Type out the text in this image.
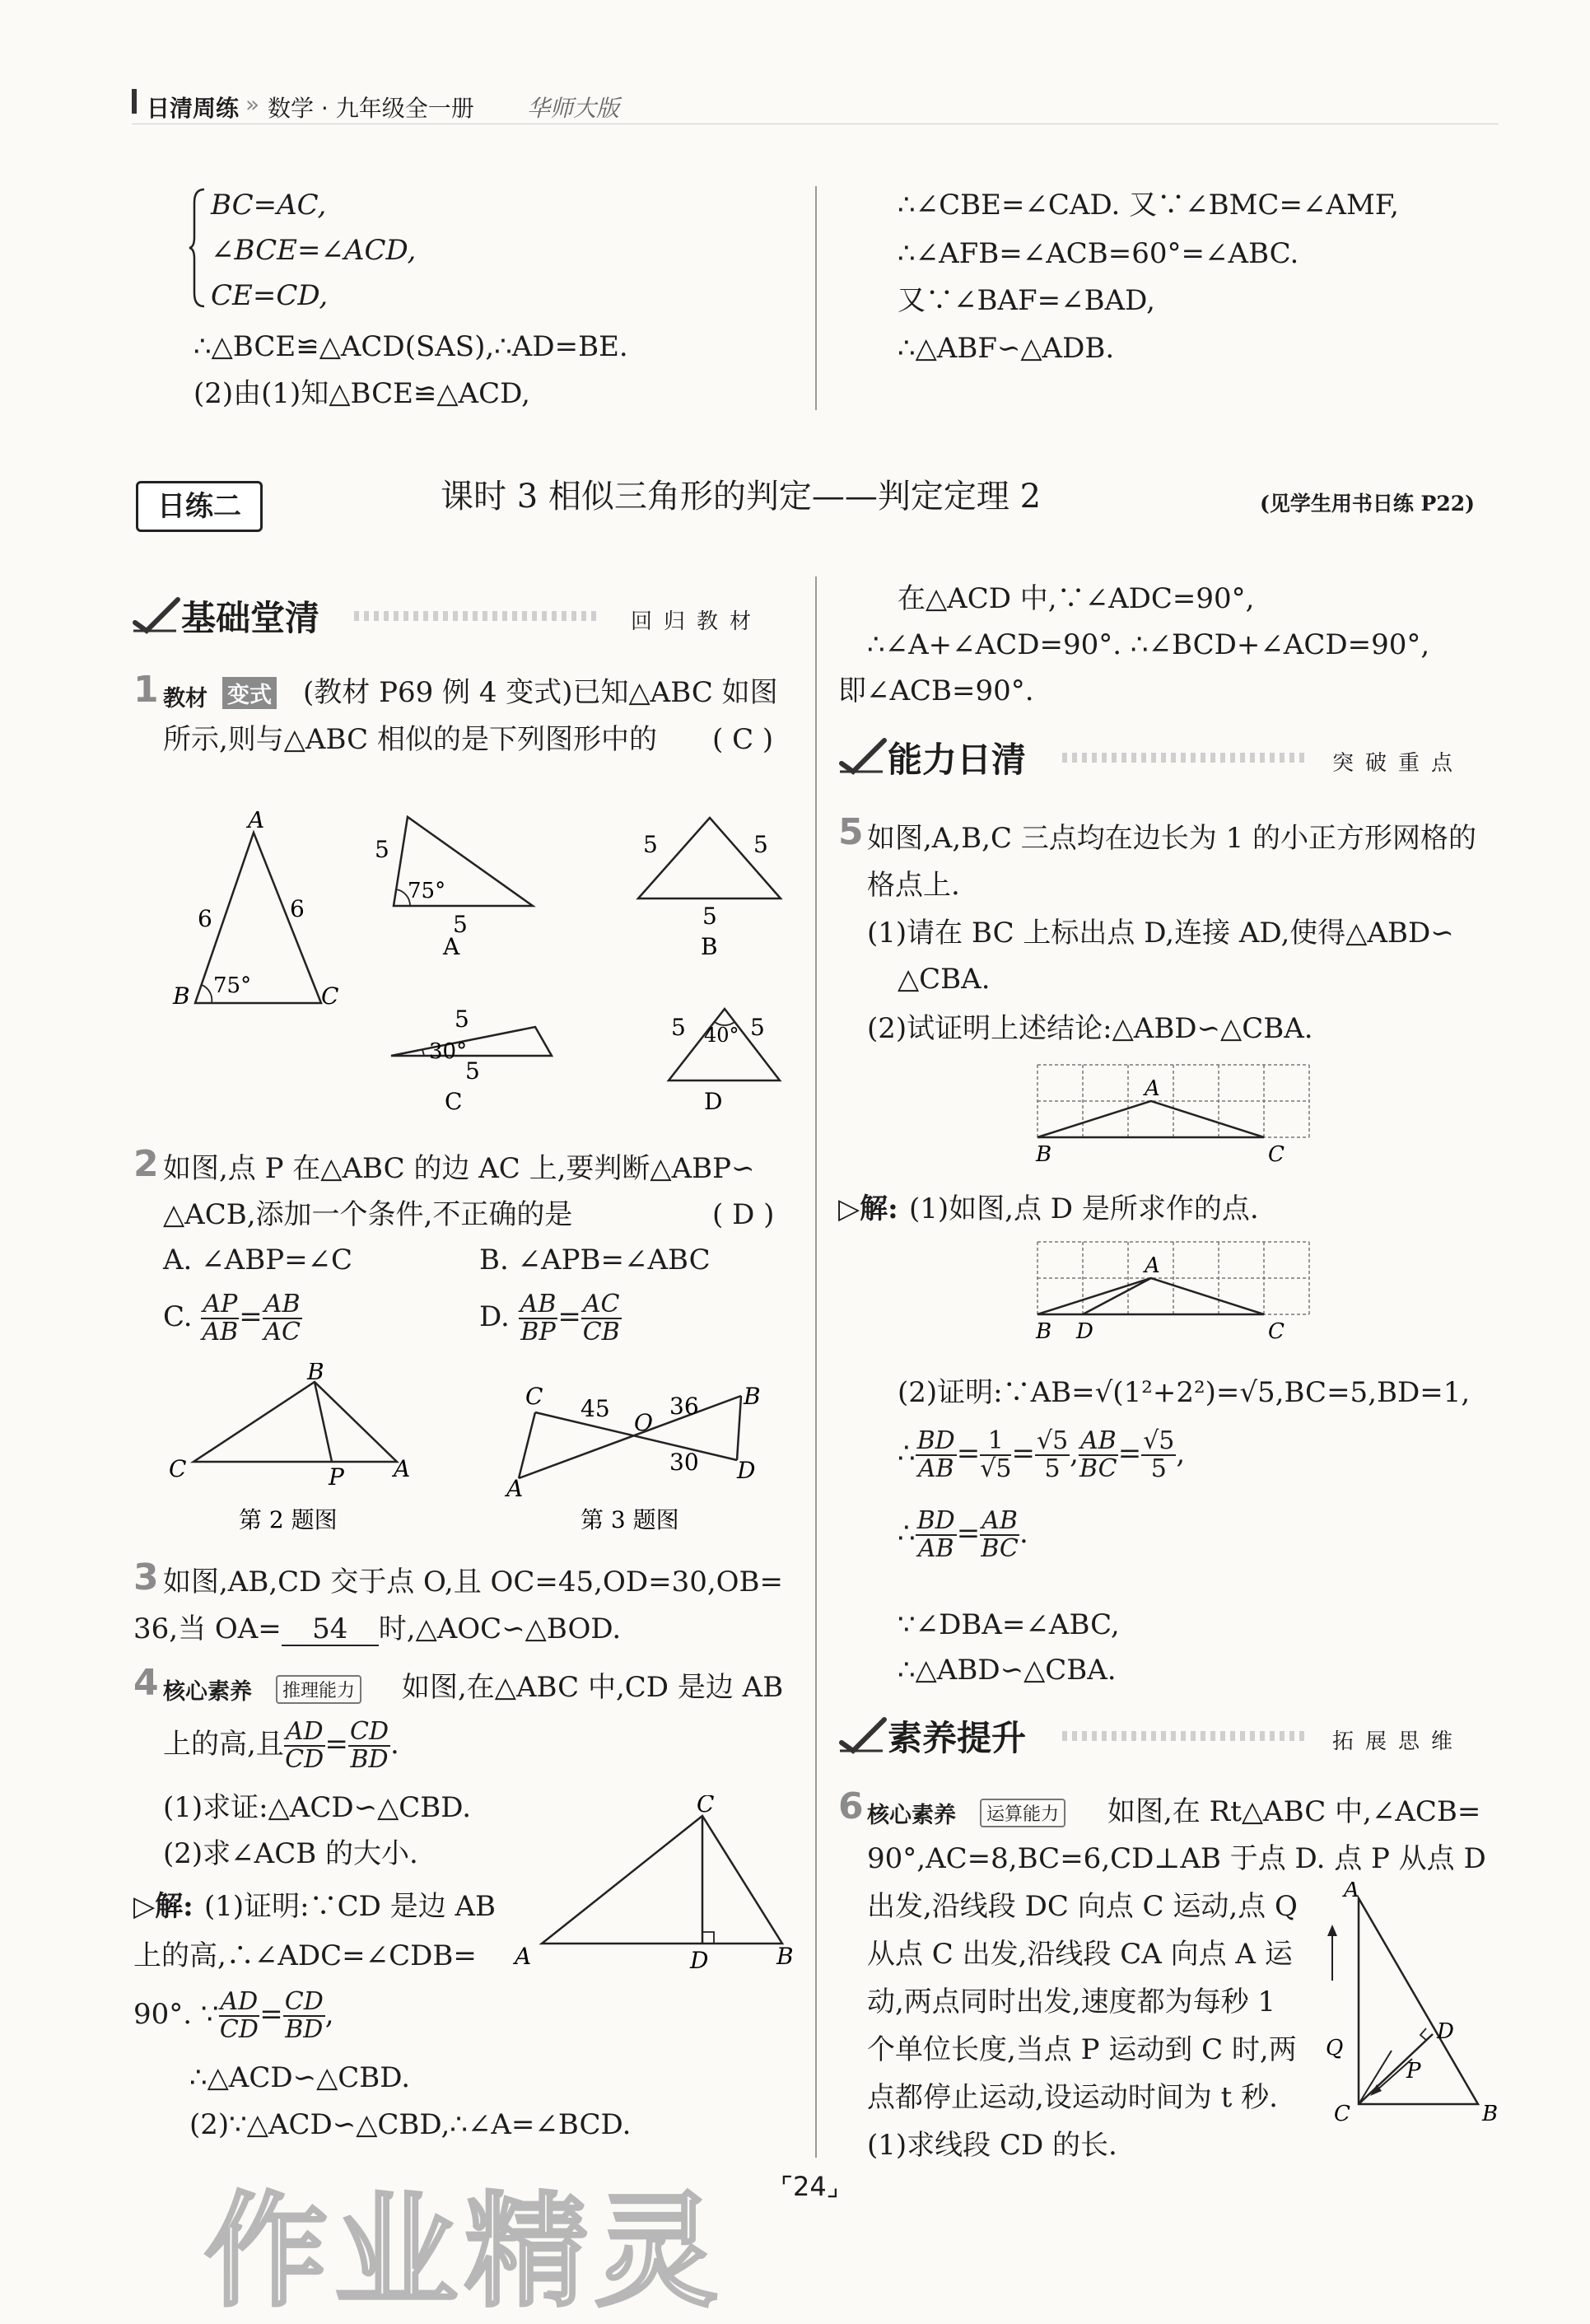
日清周练 » 数学 · 九年级全一册 华师大版
BC=AC,
∠BCE=∠ACD,
CE=CD,
∴△BCE≌△ACD(SAS),∴AD=BE.
(2)由(1)知△BCE≌△ACD,
∴∠CBE=∠CAD. 又∵∠BMC=∠AMF,
∴∠AFB=∠ACB=60°=∠ABC.
又∵∠BAF=∠BAD,
∴△ABF∽△ADB.
日练二	课时 3 相似三角形的判定——判定定理 2	(见学生用书日练 P22)
基础堂清	回归教材
1 教材 变式 (教材 P69 例 4 变式)已知△ABC 如图
所示,则与△ABC 相似的是下列图形中的 ( C )
A
B	C
6	6
75°
5
5
75°
A
5	5
5
B
5
5
30°
C
5	5
40°
D
2 如图,点 P 在△ABC 的边 AC 上,要判断△ABP∽
△ACB,添加一个条件,不正确的是	( D )
A. ∠ABP=∠C	B. ∠APB=∠ABC
C. $\frac{AP}{AB} = \frac{AB}{AC}$	D. $\frac{AB}{BP} = \frac{AC}{CB}$
B
C	A
P
第 2 题图
C	B
D
A
O
45	36
30
第 3 题图
3 如图,AB,CD 交于点 O,且 OC=45,OD=30,OB=
36,当 OA= 54 时,△AOC∽△BOD.
4 核心素养	推理能力 如图,在△ABC 中,CD 是边 AB
上的高,且 $\frac{AD}{CD} = \frac{CD}{BD}$ .
(1)求证:△ACD∽△CBD.
(2)求∠ACB 的大小.
▷解: (1)证明:∵CD 是边 AB
上的高,∴∠ADC=∠CDB=
90°. ∵ $\frac{AD}{CD} = \frac{CD}{BD}$ ,
∴△ACD∽△CBD.
(2)∵△ACD∽△CBD,∴∠A=∠BCD.
C
A	D	B
在△ACD 中,∵∠ADC=90°,
∴∠A+∠ACD=90°. ∴∠BCD+∠ACD=90°,
即∠ACB=90°.
能力日清	突破重点
5 如图,A,B,C 三点均在边长为 1 的小正方形网格的
格点上.
(1)请在 BC 上标出点 D,连接 AD,使得△ABD∽
△CBA.
(2)试证明上述结论:△ABD∽△CBA.
A
B	C
▷解: (1)如图,点 D 是所求作的点.
A
B D	C
(2)证明:∵AB=√(1²+2²)=√5,BC=5,BD=1,
∴ $\frac{BD}{AB} = \frac{1}{√5} = \frac{√5}{5}$ , $\frac{AB}{BC} = \frac{√5}{5}$ ,
∴ $\frac{BD}{AB} = \frac{AB}{BC}$ .
∵∠DBA=∠ABC,
∴△ABD∽△CBA.
素养提升	拓展思维
6 核心素养	运算能力 如图,在 Rt△ABC 中,∠ACB=
90°,AC=8,BC=6,CD⊥AB 于点 D. 点 P 从点 D
出发,沿线段 DC 向点 C 运动,点 Q
从点 C 出发,沿线段 CA 向点 A 运
动,两点同时出发,速度都为每秒 1
个单位长度,当点 P 运动到 C 时,两
点都停止运动,设运动时间为 t 秒.
(1)求线段 CD 的长.
A
Q
D
P
C	B
⌜24⌟
作业精灵
